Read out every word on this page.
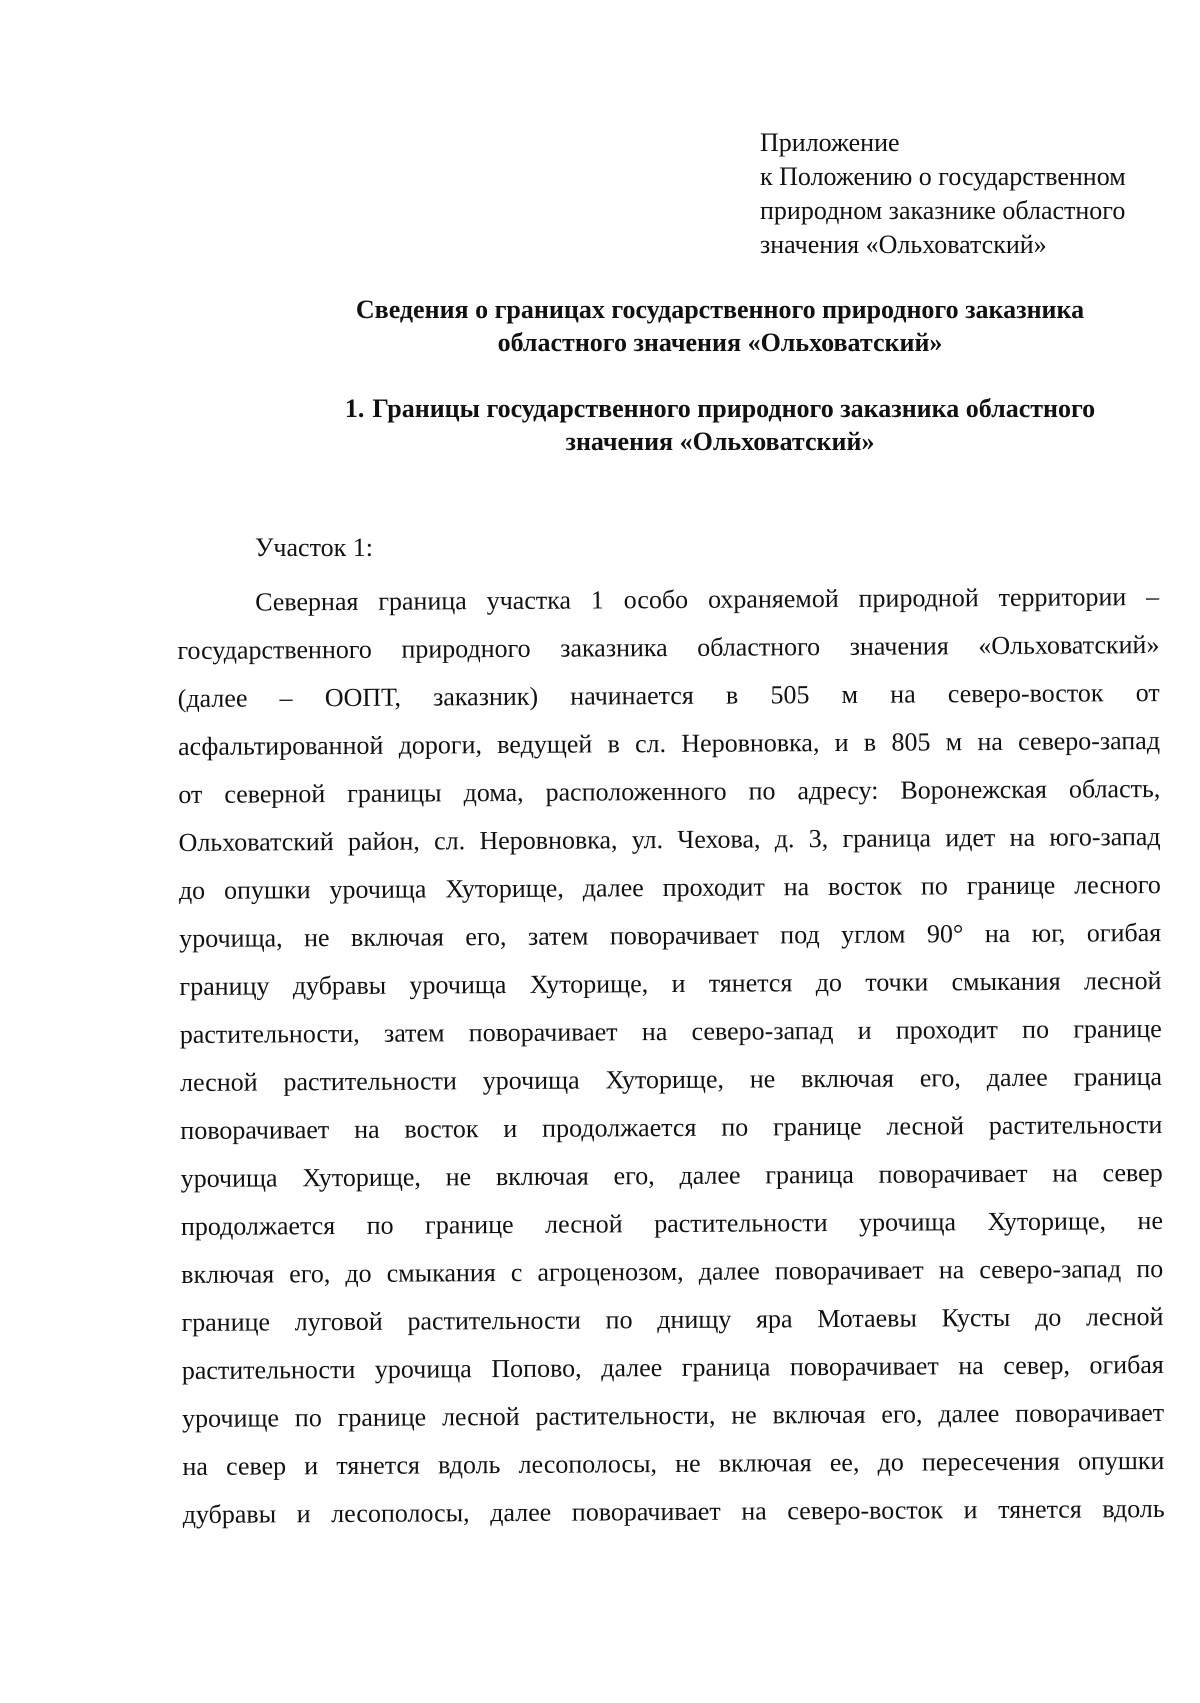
Приложение
к Положению о государственном
природном заказнике областного
значения «Ольховатский»
Сведения о границах государственного природного заказника
областного значения «Ольховатский»
1. Границы государственного природного заказника областного
значения «Ольховатский»
Участок 1:
Северная граница участка 1 особо охраняемой природной территории –
государственного природного заказника областного значения «Ольховатский»
(далее – ООПТ, заказник) начинается в 505 м на северо-восток от
асфальтированной дороги, ведущей в сл. Неровновка, и в 805 м на северо-запад
от северной границы дома, расположенного по адресу: Воронежская область,
Ольховатский район, сл. Неровновка, ул. Чехова, д. 3, граница идет на юго-запад
до опушки урочища Хуторище, далее проходит на восток по границе лесного
урочища, не включая его, затем поворачивает под углом 90° на юг, огибая
границу дубравы урочища Хуторище, и тянется до точки смыкания лесной
растительности, затем поворачивает на северо-запад и проходит по границе
лесной растительности урочища Хуторище, не включая его, далее граница
поворачивает на восток и продолжается по границе лесной растительности
урочища Хуторище, не включая его, далее граница поворачивает на север
продолжается по границе лесной растительности урочища Хуторище, не
включая его, до смыкания с агроценозом, далее поворачивает на северо-запад по
границе луговой растительности по днищу яра Мотаевы Кусты до лесной
растительности урочища Попово, далее граница поворачивает на север, огибая
урочище по границе лесной растительности, не включая его, далее поворачивает
на север и тянется вдоль лесополосы, не включая ее, до пересечения опушки
дубравы и лесополосы, далее поворачивает на северо-восток и тянется вдоль
